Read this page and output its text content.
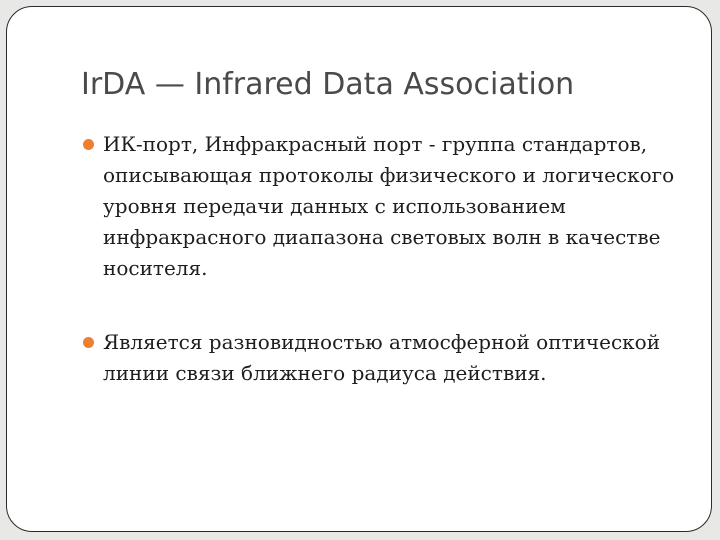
IrDA — Infrared Data Association
ИК-порт, Инфракрасный порт - группа стандартов, описывающая протоколы физического и логического уровня передачи данных с использованием инфракрасного диапазона световых волн в качестве носителя.
Является разновидностью атмосферной оптической линии связи ближнего радиуса действия.
